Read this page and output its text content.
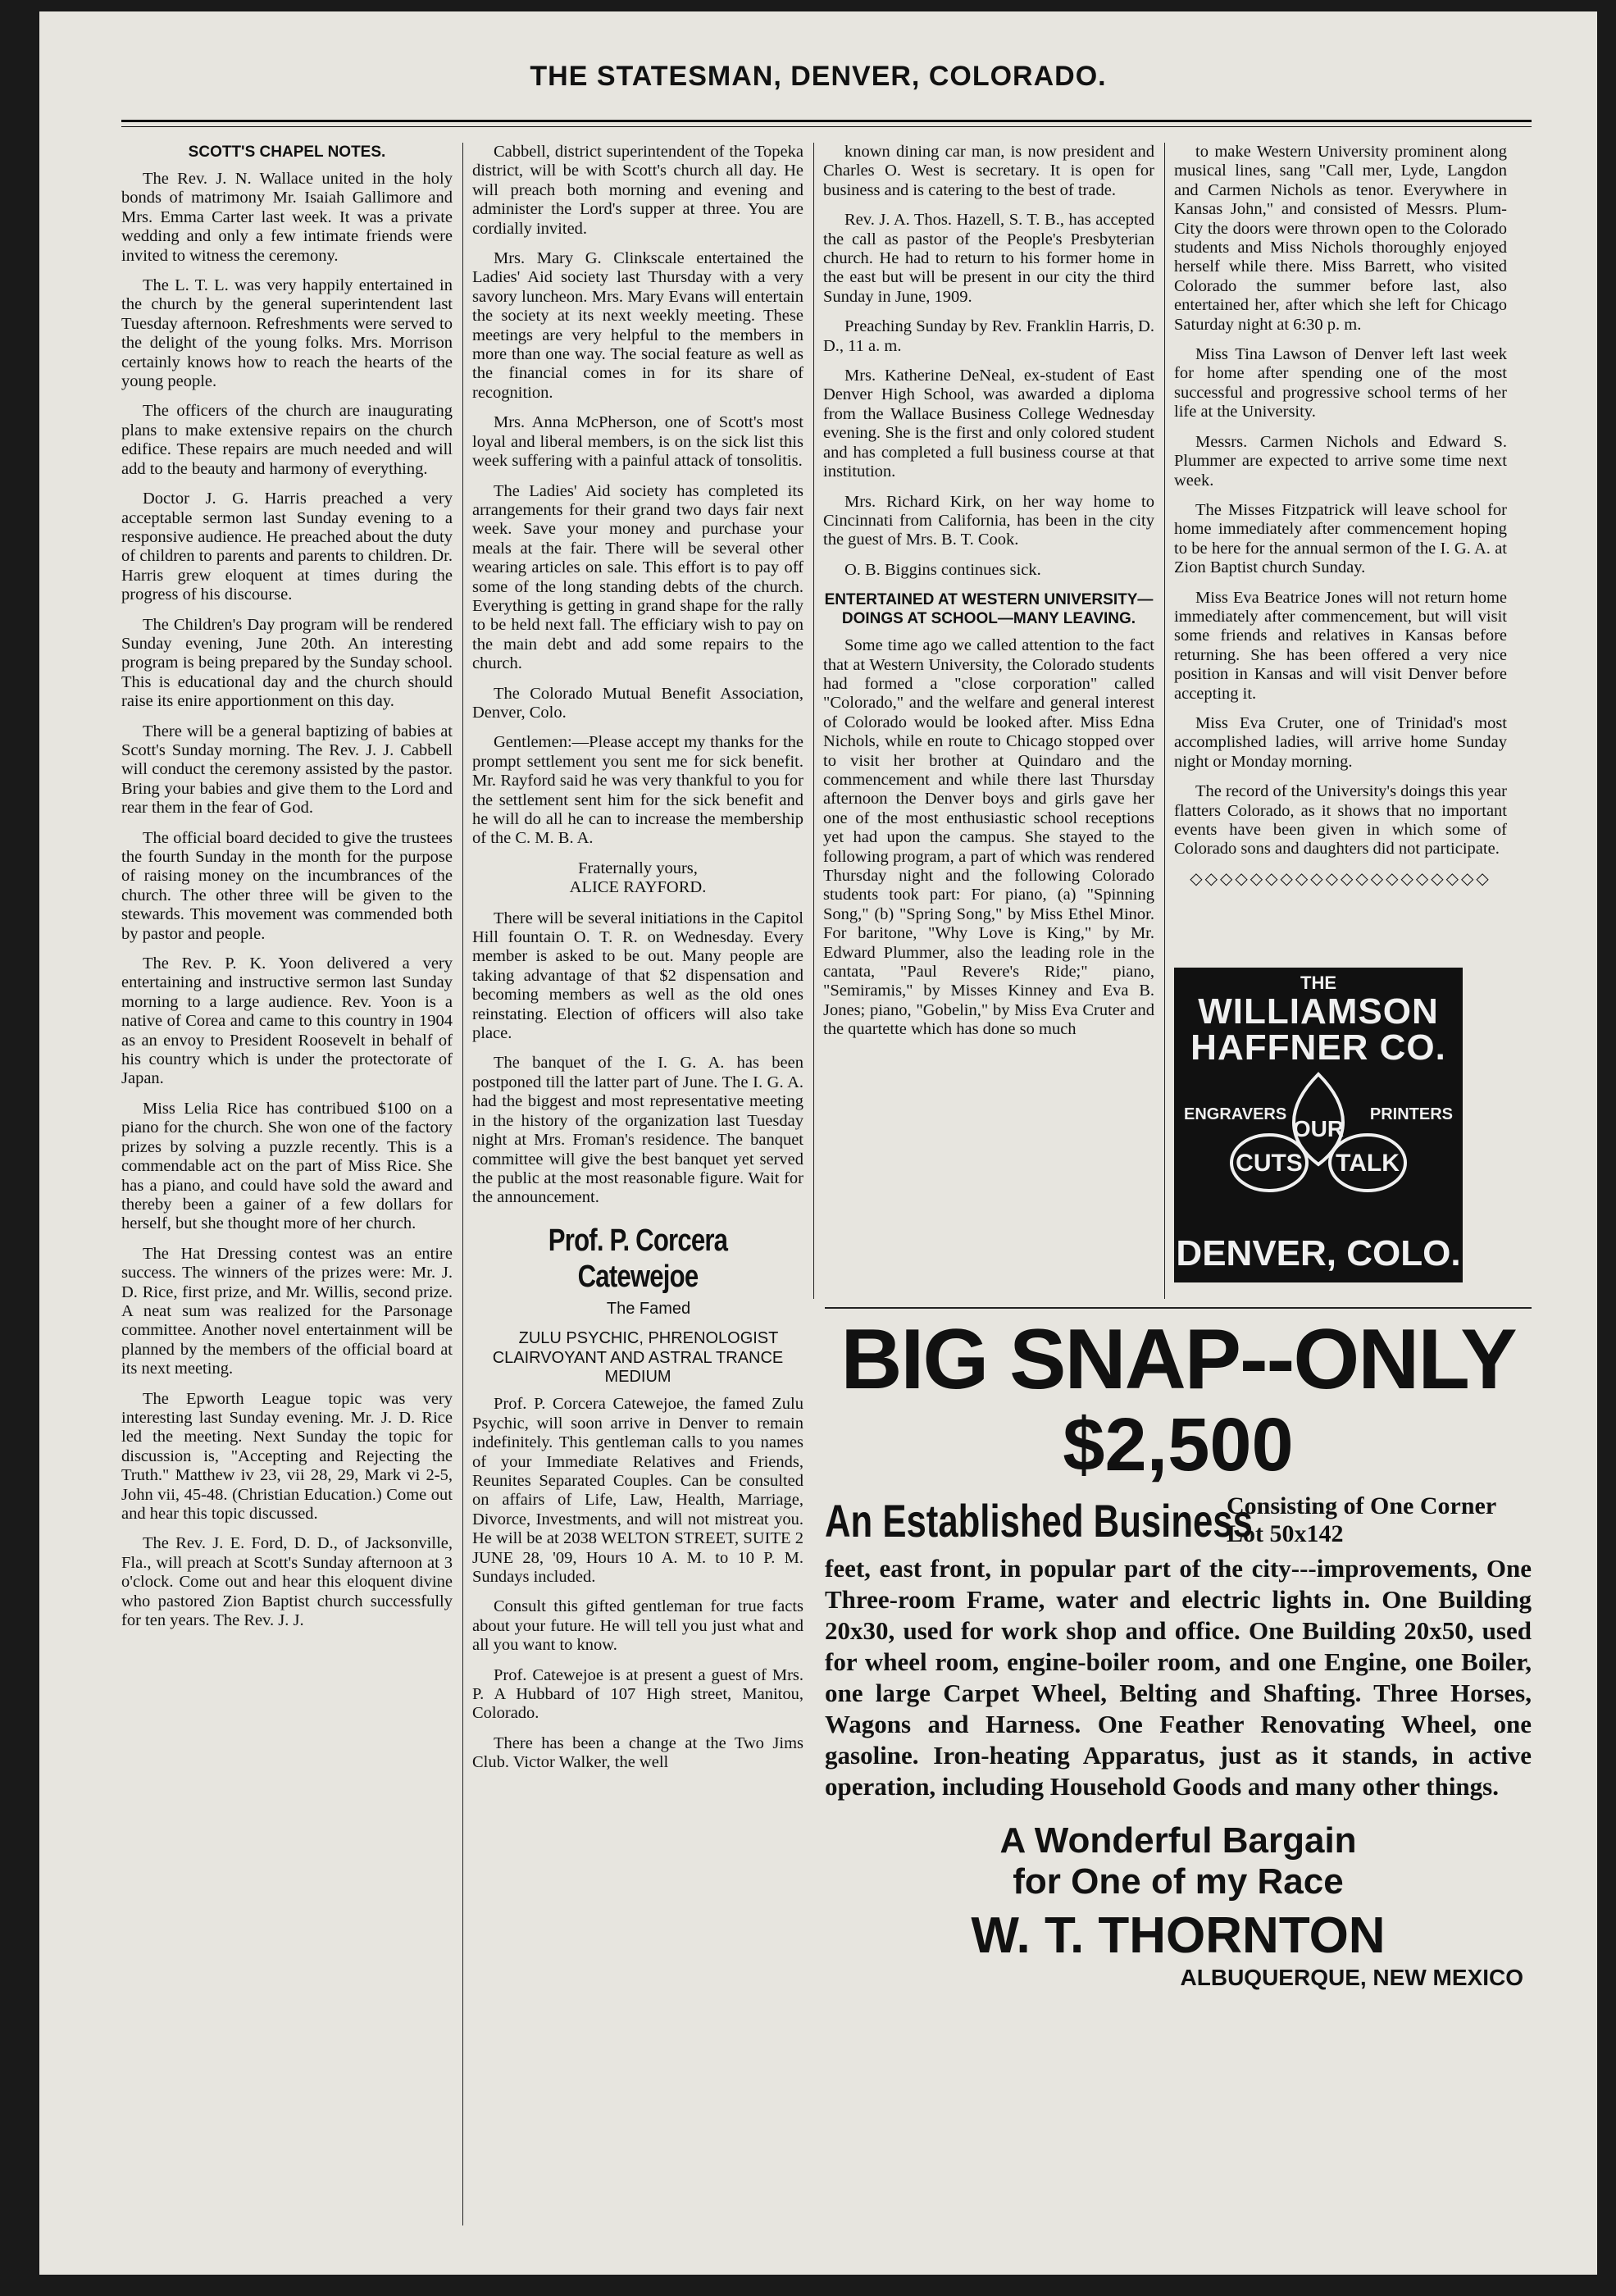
THE STATESMAN, DENVER, COLORADO.

SCOTT'S CHAPEL NOTES.

The Rev. J. N. Wallace united in the holy bonds of matrimony Mr. Isaiah Gallimore and Mrs. Emma Carter last week. It was a private wedding and only a few intimate friends were invited to witness the ceremony.

The L. T. L. was very happily entertained in the church by the general superintendent last Tuesday afternoon. Refreshments were served to the delight of the young folks. Mrs. Morrison certainly knows how to reach the hearts of the young people.

The officers of the church are inaugurating plans to make extensive repairs on the church edifice. These repairs are much needed and will add to the beauty and harmony of everything.

Doctor J. G. Harris preached a very acceptable sermon last Sunday evening to a responsive audience. He preached about the duty of children to parents and parents to children. Dr. Harris grew eloquent at times during the progress of his discourse.

The Children's Day program will be rendered Sunday evening, June 20th. An interesting program is being prepared by the Sunday school. This is educational day and the church should raise its enire apportionment on this day.

There will be a general baptizing of babies at Scott's Sunday morning. The Rev. J. J. Cabbell will conduct the ceremony assisted by the pastor. Bring your babies and give them to the Lord and rear them in the fear of God.

The official board decided to give the trustees the fourth Sunday in the month for the purpose of raising money on the incumbrances of the church. The other three will be given to the stewards. This movement was commended both by pastor and people.

The Rev. P. K. Yoon delivered a very entertaining and instructive sermon last Sunday morning to a large audience. Rev. Yoon is a native of Corea and came to this country in 1904 as an envoy to President Roosevelt in behalf of his country which is under the protectorate of Japan.

Miss Lelia Rice has contribued $100 on a piano for the church. She won one of the factory prizes by solving a puzzle recently. This is a commendable act on the part of Miss Rice. She has a piano, and could have sold the award and thereby been a gainer of a few dollars for herself, but she thought more of her church.

The Hat Dressing contest was an entire success. The winners of the prizes were: Mr. J. D. Rice, first prize, and Mr. Willis, second prize. A neat sum was realized for the Parsonage committee. Another novel entertainment will be planned by the members of the official board at its next meeting.

The Epworth League topic was very interesting last Sunday evening. Mr. J. D. Rice led the meeting. Next Sunday the topic for discussion is, "Accepting and Rejecting the Truth." Matthew iv 23, vii 28, 29, Mark vi 2-5, John vii, 45-48. (Christian Education.) Come out and hear this topic discussed.

The Rev. J. E. Ford, D. D., of Jacksonville, Fla., will preach at Scott's Sunday afternoon at 3 o'clock. Come out and hear this eloquent divine who pastored Zion Baptist church successfully for ten years. The Rev. J. J.

Cabbell, district superintendent of the Topeka district, will be with Scott's church all day. He will preach both morning and evening and administer the Lord's supper at three. You are cordially invited.

Mrs. Mary G. Clinkscale entertained the Ladies' Aid society last Thursday with a very savory luncheon. Mrs. Mary Evans will entertain the society at its next weekly meeting. These meetings are very helpful to the members in more than one way. The social feature as well as the financial comes in for its share of recognition.

Mrs. Anna McPherson, one of Scott's most loyal and liberal members, is on the sick list this week suffering with a painful attack of tonsolitis.

The Ladies' Aid society has completed its arrangements for their grand two days fair next week. Save your money and purchase your meals at the fair. There will be several other wearing articles on sale. This effort is to pay off some of the long standing debts of the church. Everything is getting in grand shape for the rally to be held next fall. The efficiary wish to pay on the main debt and add some repairs to the church.

The Colorado Mutual Benefit Association, Denver, Colo.

Gentlemen:—Please accept my thanks for the prompt settlement you sent me for sick benefit. Mr. Rayford said he was very thankful to you for the settlement sent him for the sick benefit and he will do all he can to increase the membership of the C. M. B. A.

Fraternally yours,

ALICE RAYFORD.

There will be several initiations in the Capitol Hill fountain O. T. R. on Wednesday. Every member is asked to be out. Many people are taking advantage of that $2 dispensation and becoming members as well as the old ones reinstating. Election of officers will also take place.

The banquet of the I. G. A. has been postponed till the latter part of June. The I. G. A. had the biggest and most representative meeting in the history of the organization last Tuesday night at Mrs. Froman's residence. The banquet committee will give the best banquet yet served the public at the most reasonable figure. Wait for the announcement.

Prof. P. Corcera Catewejoe

The Famed

ZULU PSYCHIC, PHRENOLOGIST CLAIRVOYANT AND ASTRAL TRANCE MEDIUM

Prof. P. Corcera Catewejoe, the famed Zulu Psychic, will soon arrive in Denver to remain indefinitely. This gentleman calls to you names of your Immediate Relatives and Friends, Reunites Separated Couples. Can be consulted on affairs of Life, Law, Health, Marriage, Divorce, Investments, and will not mistreat you. He will be at 2038 WELTON STREET, SUITE 2 JUNE 28, '09, Hours 10 A. M. to 10 P. M. Sundays included.

Consult this gifted gentleman for true facts about your future. He will tell you just what and all you want to know.

Prof. Catewejoe is at present a guest of Mrs. P. A Hubbard of 107 High street, Manitou, Colorado.

There has been a change at the Two Jims Club. Victor Walker, the well

known dining car man, is now president and Charles O. West is secretary. It is open for business and is catering to the best of trade.

Rev. J. A. Thos. Hazell, S. T. B., has accepted the call as pastor of the People's Presbyterian church. He had to return to his former home in the east but will be present in our city the third Sunday in June, 1909.

Preaching Sunday by Rev. Franklin Harris, D. D., 11 a. m.

Mrs. Katherine DeNeal, ex-student of East Denver High School, was awarded a diploma from the Wallace Business College Wednesday evening. She is the first and only colored student and has completed a full business course at that institution.

Mrs. Richard Kirk, on her way home to Cincinnati from California, has been in the city the guest of Mrs. B. T. Cook.

O. B. Biggins continues sick.

ENTERTAINED AT WESTERN UNIVERSITY—DOINGS AT SCHOOL—MANY LEAVING.

Some time ago we called attention to the fact that at Western University, the Colorado students had formed a "close corporation" called "Colorado," and the welfare and general interest of Colorado would be looked after. Miss Edna Nichols, while en route to Chicago stopped over to visit her brother at Quindaro and the commencement and while there last Thursday afternoon the Denver boys and girls gave her one of the most enthusiastic school receptions yet had upon the campus. She stayed to the following program, a part of which was rendered Thursday night and the following Colorado students took part: For piano, (a) "Spinning Song," (b) "Spring Song," by Miss Ethel Minor. For baritone, "Why Love is King," by Mr. Edward Plummer, also the leading role in the cantata, "Paul Revere's Ride;" piano, "Semiramis," by Misses Kinney and Eva B. Jones; piano, "Gobelin," by Miss Eva Cruter and the quartette which has done so much

to make Western University prominent along musical lines, sang "Call mer, Lyde, Langdon and Carmen Nichols as tenor. Everywhere in Kansas John," and consisted of Messrs. Plum-City the doors were thrown open to the Colorado students and Miss Nichols thoroughly enjoyed herself while there. Miss Barrett, who visited Colorado the summer before last, also entertained her, after which she left for Chicago Saturday night at 6:30 p. m.

Miss Tina Lawson of Denver left last week for home after spending one of the most successful and progressive school terms of her life at the University.

Messrs. Carmen Nichols and Edward S. Plummer are expected to arrive some time next week.

The Misses Fitzpatrick will leave school for home immediately after commencement hoping to be here for the annual sermon of the I. G. A. at Zion Baptist church Sunday.

Miss Eva Beatrice Jones will not return home immediately after commencement, but will visit some friends and relatives in Kansas before returning. She has been offered a very nice position in Kansas and will visit Denver before accepting it.

Miss Eva Cruter, one of Trinidad's most accomplished ladies, will arrive home Sunday night or Monday morning.

The record of the University's doings this year flatters Colorado, as it shows that no important events have been given in which some of Colorado sons and daughters did not participate.

◇◇◇◇◇◇◇◇◇◇◇◇◇◇◇◇◇◇◇◇
THE
WILLIAMSON
HAFFNER CO.
ENGRAVERS	PRINTERS
OUR
CUTS TALK
DENVER, COLO.
BIG SNAP--ONLY
$2,500
An Established Business
Consisting of One Corner Lot 50x142
feet, east front, in popular part of the city---improvements, One Three-room Frame, water and electric lights in. One Building 20x30, used for work shop and office. One Building 20x50, used for wheel room, engine-boiler room, and one Engine, one Boiler, one large Carpet Wheel, Belting and Shafting. Three Horses, Wagons and Harness. One Feather Renovating Wheel, one gasoline. Iron-heating Apparatus, just as it stands, in active operation, including Household Goods and many other things.
A Wonderful Bargain
for One of my Race
W. T. THORNTON
ALBUQUERQUE, NEW MEXICO
